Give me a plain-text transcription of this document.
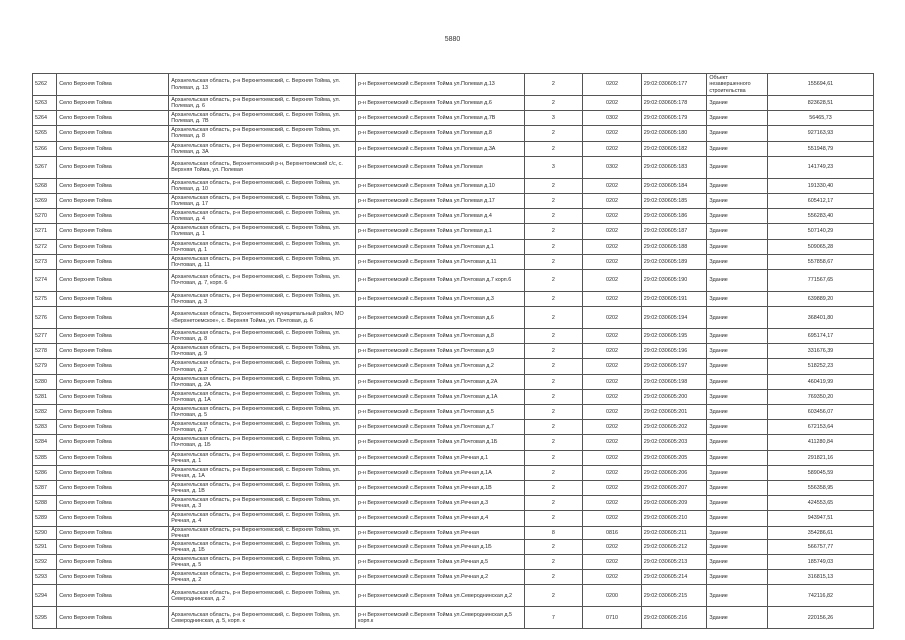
5880
5262	Село Верхняя Тойма	Архангельская область, р-н Верхнетоемский, с. Верхняя Тойма, ул. Полевая, д. 13	р-н Верхнетоемский с.Верхняя Тойма ул.Полевая д.13	2	0202	29:02:030605:177	Объект незавершенного строительства	155694,61
5263	Село Верхняя Тойма	Архангельская область, р-н Верхнетоемский, с. Верхняя Тойма, ул. Полевая, д. 6	р-н Верхнетоемский с.Верхняя Тойма ул.Полевая д.6	2	0202	29:02:030605:178	Здание	823628,51
5264	Село Верхняя Тойма	Архангельская область, р-н Верхнетоемский, с. Верхняя Тойма, ул. Полевая, д. 7В	р-н Верхнетоемский с.Верхняя Тойма ул.Полевая д.7В	3	0302	29:02:030605:179	Здание	56465,73
5265	Село Верхняя Тойма	Архангельская область, р-н Верхнетоемский, с. Верхняя Тойма, ул. Полевая, д. 8	р-н Верхнетоемский с.Верхняя Тойма ул.Полевая д.8	2	0202	29:02:030605:180	Здание	927163,93
5266	Село Верхняя Тойма	Архангельская область, р-н Верхнетоемский, с. Верхняя Тойма, ул. Полевая, д. 3А	р-н Верхнетоемский с.Верхняя Тойма ул.Полевая д.3А	2	0202	29:02:030605:182	Здание	551948,79
5267	Село Верхняя Тойма	Архангельская область, Верхнетоемский р-н, Верхнетоемский с/с, с. Верхняя Тойма, ул. Полевая	р-н Верхнетоемский с.Верхняя Тойма ул.Полевая	3	0302	29:02:030605:183	Здание	141749,23
5268	Село Верхняя Тойма	Архангельская область, р-н Верхнетоемский, с. Верхняя Тойма, ул. Полевая, д. 10	р-н Верхнетоемский с.Верхняя Тойма ул.Полевая д.10	2	0202	29:02:030605:184	Здание	191330,40
5269	Село Верхняя Тойма	Архангельская область, р-н Верхнетоемский, с. Верхняя Тойма, ул. Полевая, д. 17	р-н Верхнетоемский с.Верхняя Тойма ул.Полевая д.17	2	0202	29:02:030605:185	Здание	605412,17
5270	Село Верхняя Тойма	Архангельская область, р-н Верхнетоемский, с. Верхняя Тойма, ул. Полевая, д. 4	р-н Верхнетоемский с.Верхняя Тойма ул.Полевая д.4	2	0202	29:02:030605:186	Здание	556283,40
5271	Село Верхняя Тойма	Архангельская область, р-н Верхнетоемский, с. Верхняя Тойма, ул. Полевая, д. 1	р-н Верхнетоемский с.Верхняя Тойма ул.Полевая д.1	2	0202	29:02:030605:187	Здание	507140,29
5272	Село Верхняя Тойма	Архангельская область, р-н Верхнетоемский, с. Верхняя Тойма, ул. Почтовая, д. 1	р-н Верхнетоемский с.Верхняя Тойма ул.Почтовая д.1	2	0202	29:02:030605:188	Здание	509065,28
5273	Село Верхняя Тойма	Архангельская область, р-н Верхнетоемский, с. Верхняя Тойма, ул. Почтовая, д. 11	р-н Верхнетоемский с.Верхняя Тойма ул.Почтовая д.11	2	0202	29:02:030605:189	Здание	557858,67
5274	Село Верхняя Тойма	Архангельская область, р-н Верхнетоемский, с. Верхняя Тойма, ул. Почтовая, д. 7, корп. 6	р-н Верхнетоемский с.Верхняя Тойма ул.Почтовая д.7 корп.6	2	0202	29:02:030605:190	Здание	771567,65
5275	Село Верхняя Тойма	Архангельская область, р-н Верхнетоемский, с. Верхняя Тойма, ул. Почтовая, д. 3	р-н Верхнетоемский с.Верхняя Тойма ул.Почтовая д.3	2	0202	29:02:030605:191	Здание	639889,20
5276	Село Верхняя Тойма	Архангельская область, Верхнетоемский муниципальный район, МО «Верхнетоемское», с. Верхняя Тойма, ул. Почтовая, д. 6	р-н Верхнетоемский с.Верхняя Тойма ул.Почтовая д.6	2	0202	29:02:030605:194	Здание	368401,80
5277	Село Верхняя Тойма	Архангельская область, р-н Верхнетоемский, с. Верхняя Тойма, ул. Почтовая, д. 8	р-н Верхнетоемский с.Верхняя Тойма ул.Почтовая д.8	2	0202	29:02:030605:195	Здание	695174,17
5278	Село Верхняя Тойма	Архангельская область, р-н Верхнетоемский, с. Верхняя Тойма, ул. Почтовая, д. 9	р-н Верхнетоемский с.Верхняя Тойма ул.Почтовая д.9	2	0202	29:02:030605:196	Здание	331676,39
5279	Село Верхняя Тойма	Архангельская область, р-н Верхнетоемский, с. Верхняя Тойма, ул. Почтовая, д. 2	р-н Верхнетоемский с.Верхняя Тойма ул.Почтовая д.2	2	0202	29:02:030605:197	Здание	518252,23
5280	Село Верхняя Тойма	Архангельская область, р-н Верхнетоемский, с. Верхняя Тойма, ул. Почтовая, д. 2А	р-н Верхнетоемский с.Верхняя Тойма ул.Почтовая д.2А	2	0202	29:02:030605:198	Здание	460419,99
5281	Село Верхняя Тойма	Архангельская область, р-н Верхнетоемский, с. Верхняя Тойма, ул. Почтовая, д. 1А	р-н Верхнетоемский с.Верхняя Тойма ул.Почтовая д.1А	2	0202	29:02:030605:200	Здание	769350,20
5282	Село Верхняя Тойма	Архангельская область, р-н Верхнетоемский, с. Верхняя Тойма, ул. Почтовая, д. 5	р-н Верхнетоемский с.Верхняя Тойма ул.Почтовая д.5	2	0202	29:02:030605:201	Здание	603456,07
5283	Село Верхняя Тойма	Архангельская область, р-н Верхнетоемский, с. Верхняя Тойма, ул. Почтовая, д. 7	р-н Верхнетоемский с.Верхняя Тойма ул.Почтовая д.7	2	0202	29:02:030605:202	Здание	672153,64
5284	Село Верхняя Тойма	Архангельская область, р-н Верхнетоемский, с. Верхняя Тойма, ул. Почтовая, д. 1Б	р-н Верхнетоемский с.Верхняя Тойма ул.Почтовая д.1Б	2	0202	29:02:030605:203	Здание	411280,84
5285	Село Верхняя Тойма	Архангельская область, р-н Верхнетоемский, с. Верхняя Тойма, ул. Речная, д. 1	р-н Верхнетоемский с.Верхняя Тойма ул.Речная д.1	2	0202	29:02:030605:205	Здание	291821,16
5286	Село Верхняя Тойма	Архангельская область, р-н Верхнетоемский, с. Верхняя Тойма, ул. Речная, д. 1А	р-н Верхнетоемский с.Верхняя Тойма ул.Речная д.1А	2	0202	29:02:030605:206	Здание	589045,59
5287	Село Верхняя Тойма	Архангельская область, р-н Верхнетоемский, с. Верхняя Тойма, ул. Речная, д. 1В	р-н Верхнетоемский с.Верхняя Тойма ул.Речная д.1В	2	0202	29:02:030605:207	Здание	556358,95
5288	Село Верхняя Тойма	Архангельская область, р-н Верхнетоемский, с. Верхняя Тойма, ул. Речная, д. 3	р-н Верхнетоемский с.Верхняя Тойма ул.Речная д.3	2	0202	29:02:030605:209	Здание	424553,65
5289	Село Верхняя Тойма	Архангельская область, р-н Верхнетоемский, с. Верхняя Тойма, ул. Речная, д. 4	р-н Верхнетоемский с.Верхняя Тойма ул.Речная д.4	2	0202	29:02:030605:210	Здание	943947,51
5290	Село Верхняя Тойма	Архангельская область, р-н Верхнетоемский, с. Верхняя Тойма, ул. Речная	р-н Верхнетоемский с.Верхняя Тойма ул.Речная	8	0816	29:02:030605:211	Здание	354286,61
5291	Село Верхняя Тойма	Архангельская область, р-н Верхнетоемский, с. Верхняя Тойма, ул. Речная, д. 1Б	р-н Верхнетоемский с.Верхняя Тойма ул.Речная д.1Б	2	0202	29:02:030605:212	Здание	566757,77
5292	Село Верхняя Тойма	Архангельская область, р-н Верхнетоемский, с. Верхняя Тойма, ул. Речная, д. 5	р-н Верхнетоемский с.Верхняя Тойма ул.Речная д.5	2	0202	29:02:030605:213	Здание	185749,03
5293	Село Верхняя Тойма	Архангельская область, р-н Верхнетоемский, с. Верхняя Тойма, ул. Речная, д. 2	р-н Верхнетоемский с.Верхняя Тойма ул.Речная д.2	2	0202	29:02:030605:214	Здание	316815,13
5294	Село Верхняя Тойма	Архангельская область, р-н Верхнетоемский, с. Верхняя Тойма, ул. Североднинская, д. 2	р-н Верхнетоемский с.Верхняя Тойма ул.Североднинская д.2	2	0200	29:02:030605:215	Здание	742116,82
5295	Село Верхняя Тойма	Архангельская область, р-н Верхнетоемский, с. Верхняя Тойма, ул. Североднинская, д. 5, корп. к	р-н Верхнетоемский с.Верхняя Тойма ул.Североднинская д.5 корп.к	7	0710	29:02:030605:216	Здание	220156,26
